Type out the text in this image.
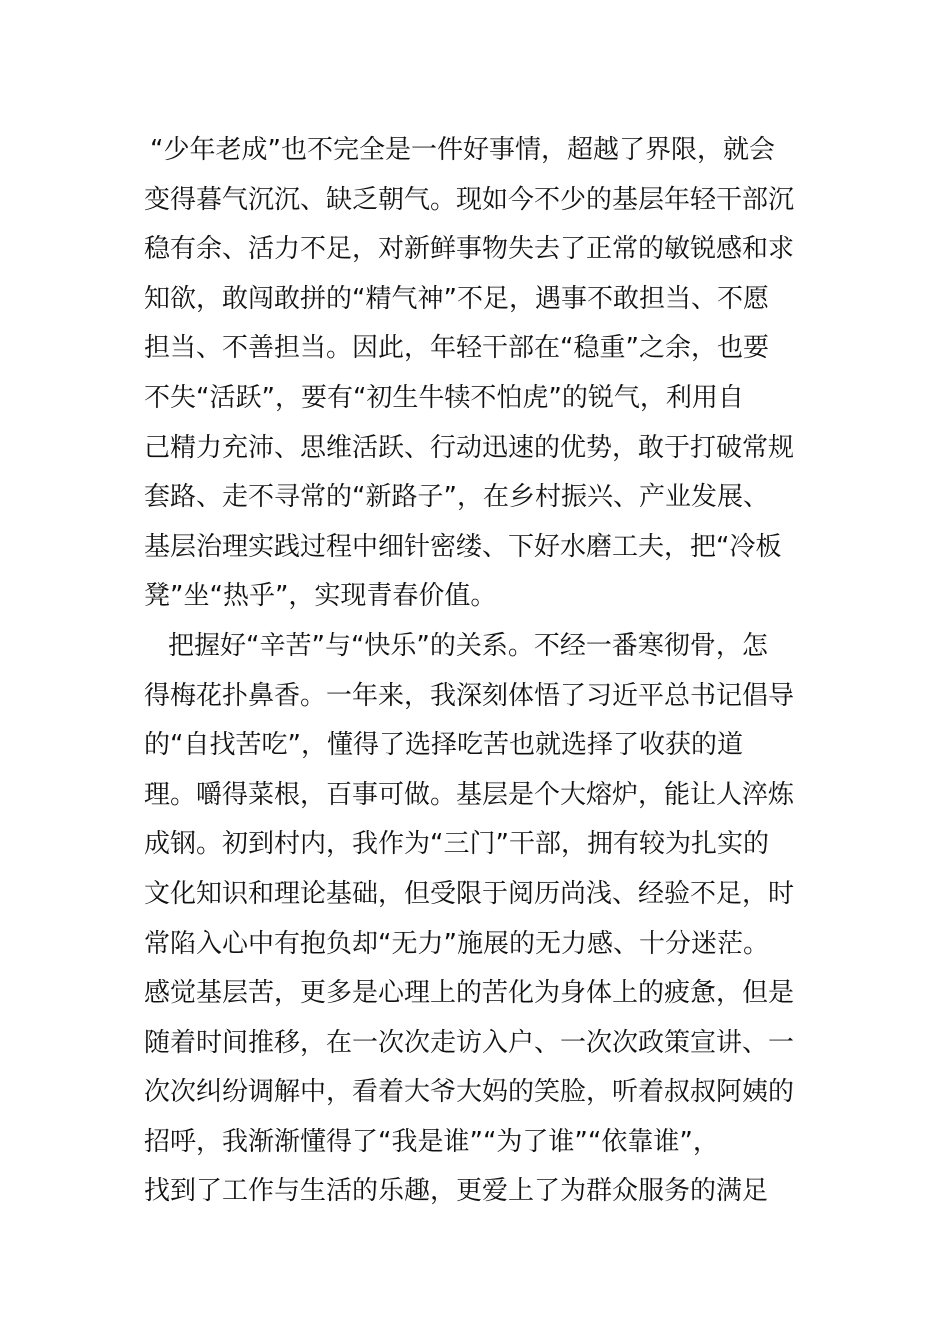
“少年老成”也不完全是一件好事情，超越了界限，就会
变得暮气沉沉、缺乏朝气。现如今不少的基层年轻干部沉
稳有余、活力不足，对新鲜事物失去了正常的敏锐感和求
知欲，敢闯敢拼的“精气神”不足，遇事不敢担当、不愿
担当、不善担当。因此，年轻干部在“稳重”之余，也要
不失“活跃”，要有“初生牛犊不怕虎”的锐气，利用自
己精力充沛、思维活跃、行动迅速的优势，敢于打破常规
套路、走不寻常的“新路子”，在乡村振兴、产业发展、
基层治理实践过程中细针密缕、下好水磨工夫，把“冷板
凳”坐“热乎”，实现青春价值。
把握好“辛苦”与“快乐”的关系。不经一番寒彻骨，怎
得梅花扑鼻香。一年来，我深刻体悟了习近平总书记倡导
的“自找苦吃”，懂得了选择吃苦也就选择了收获的道
理。嚼得菜根，百事可做。基层是个大熔炉，能让人淬炼
成钢。初到村内，我作为“三门”干部，拥有较为扎实的
文化知识和理论基础，但受限于阅历尚浅、经验不足，时
常陷入心中有抱负却“无力”施展的无力感、十分迷茫。
感觉基层苦，更多是心理上的苦化为身体上的疲惫，但是
随着时间推移，在一次次走访入户、一次次政策宣讲、一
次次纠纷调解中，看着大爷大妈的笑脸，听着叔叔阿姨的
招呼，我渐渐懂得了“我是谁”“为了谁”“依靠谁”，
找到了工作与生活的乐趣，更爱上了为群众服务的满足
